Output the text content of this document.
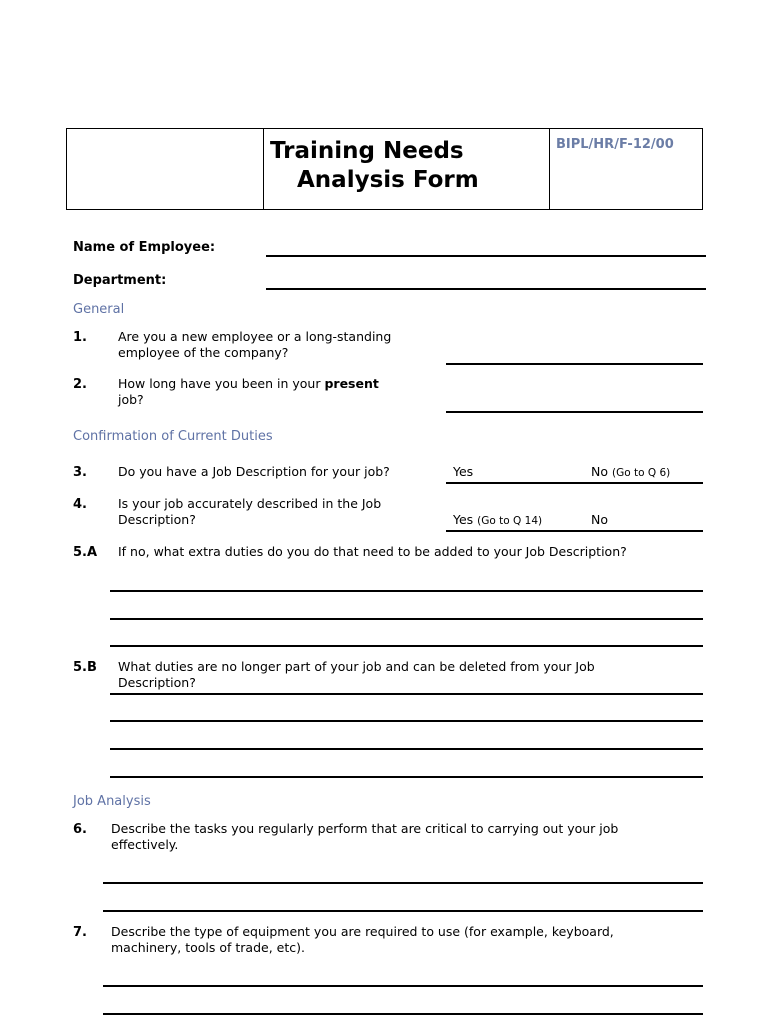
Training Needs
Analysis Form
BIPL/HR/F-12/00
Name of Employee:
Department:
General
1. Are you a new employee or a long-standing
employee of the company?
2. How long have you been in your present
job?
Confirmation of Current Duties
3. Do you have a Job Description for your job?	Yes	No (Go to Q 6)
4. Is your job accurately described in the Job
Description?	Yes (Go to Q 14)	No
5.A If no, what extra duties do you do that need to be added to your Job Description?
5.B What duties are no longer part of your job and can be deleted from your Job
Description?
Job Analysis
6. Describe the tasks you regularly perform that are critical to carrying out your job
effectively.
7. Describe the type of equipment you are required to use (for example, keyboard,
machinery, tools of trade, etc).
